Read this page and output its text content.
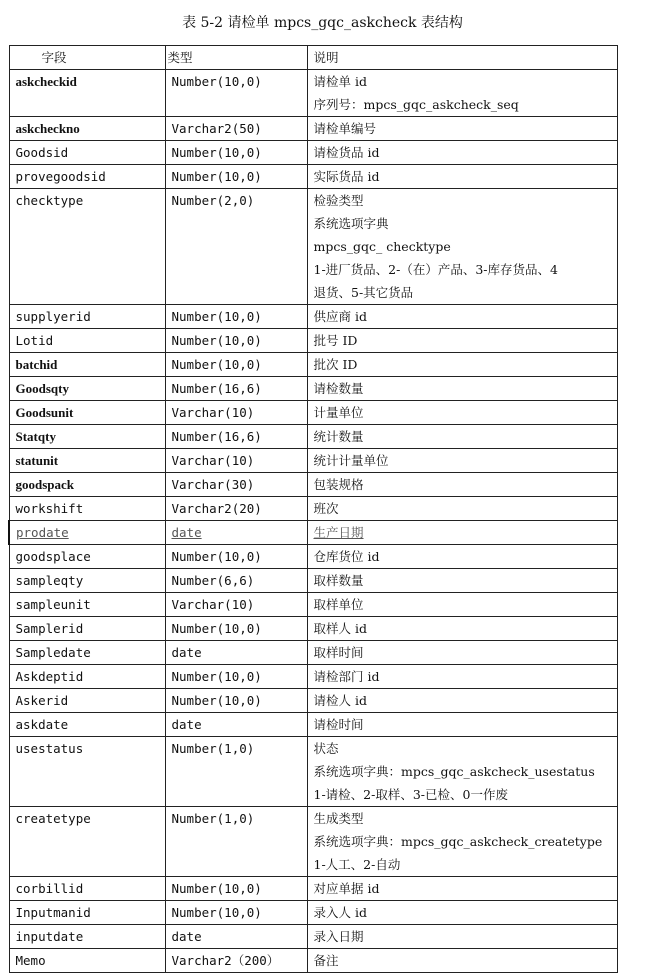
表 5-2 请检单 mpcs_gqc_askcheck 表结构
字段	类型	说明
askcheckid	Number(10,0)	请检单 id
序列号：mpcs_gqc_askcheck_seq

askcheckno	Varchar2(50)	请检单编号

Goodsid	Number(10,0)	请检货品 id

provegoodsid	Number(10,0)	实际货品 id

checktype	Number(2,0)	检验类型
系统选项字典
mpcs_gqc_ checktype
1-进厂货品、2-（在）产品、3-库存货品、4
退货、5-其它货品

supplyerid	Number(10,0)	供应商 id

Lotid	Number(10,0)	批号 ID

batchid	Number(10,0)	批次 ID

Goodsqty	Number(16,6)	请检数量

Goodsunit	Varchar(10)	计量单位

Statqty	Number(16,6)	统计数量

statunit	Varchar(10)	统计计量单位

goodspack	Varchar(30)	包装规格

workshift	Varchar2(20)	班次

prodate	date	生产日期

goodsplace	Number(10,0)	仓库货位 id

sampleqty	Number(6,6)	取样数量

sampleunit	Varchar(10)	取样单位

Samplerid	Number(10,0)	取样人 id

Sampledate	date	取样时间

Askdeptid	Number(10,0)	请检部门 id

Askerid	Number(10,0)	请检人 id

askdate	date	请检时间

usestatus	Number(1,0)	状态
系统选项字典：mpcs_gqc_askcheck_usestatus
1-请检、2-取样、3-已检、0一作废

createtype	Number(1,0)	生成类型
系统选项字典：mpcs_gqc_askcheck_createtype
1-人工、2-自动

corbillid	Number(10,0)	对应单据 id

Inputmanid	Number(10,0)	录入人 id

inputdate	date	录入日期

Memo	Varchar2（200）	备注
